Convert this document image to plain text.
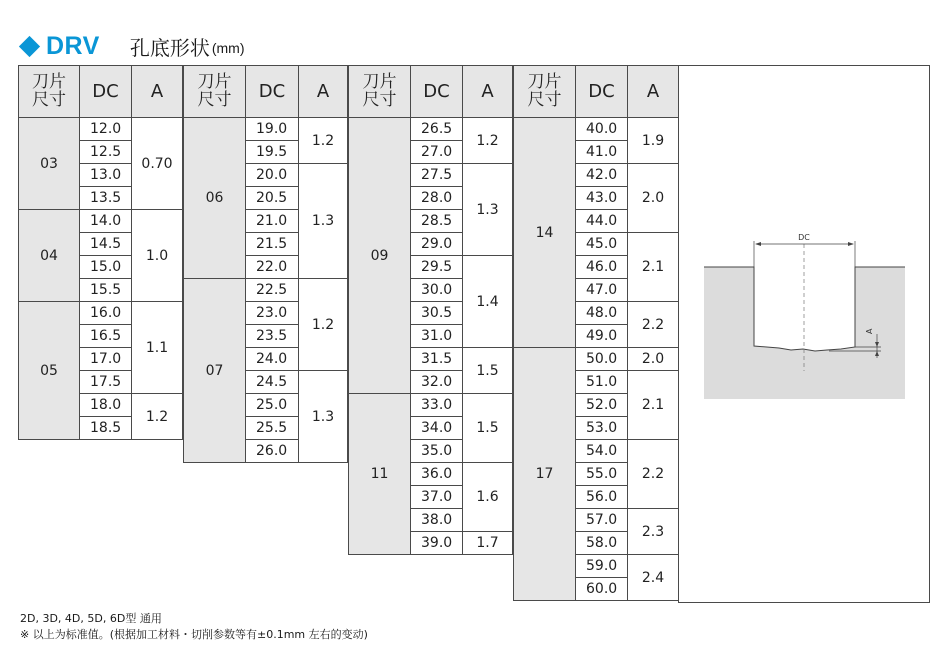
DRV 孔底形状 (mm)
刀片
尺寸	DC	A
03	12.0	0.70
	12.5	
	13.0	
	13.5	
04	14.0	1.0
	14.5	
	15.0	
	15.5	
05	16.0	1.1
	16.5	
	17.0	
	17.5	
	18.0	1.2
	18.5	
刀片
尺寸	DC	A
06	19.0	1.2
	19.5	
	20.0	1.3
	20.5	
	21.0	
	21.5	
	22.0	
07	22.5	1.2
	23.0	
	23.5	
	24.0	
	24.5	1.3
	25.0	
	25.5	
	26.0	
刀片
尺寸	DC	A
09	26.5	1.2
	27.0	
	27.5	1.3
	28.0	
	28.5	
	29.0	
	29.5	1.4
	30.0	
	30.5	
	31.0	
	31.5	1.5
	32.0	
11	33.0	1.5
	34.0	
	35.0	
	36.0	1.6
	37.0	
	38.0	
	39.0	1.7
刀片
尺寸	DC	A
14	40.0	1.9
	41.0	
	42.0	2.0
	43.0	
	44.0	
	45.0	2.1
	46.0	
	47.0	
	48.0	2.2
	49.0	
17	50.0	2.0
	51.0	2.1
	52.0	
	53.0	
	54.0	2.2
	55.0	
	56.0	
	57.0	2.3
	58.0	
	59.0	2.4
	60.0	
DC
A
2D, 3D, 4D, 5D, 6D型 通用
※ 以上为标准值。(根据加工材料・切削参数等有±0.1mm 左右的变动)
